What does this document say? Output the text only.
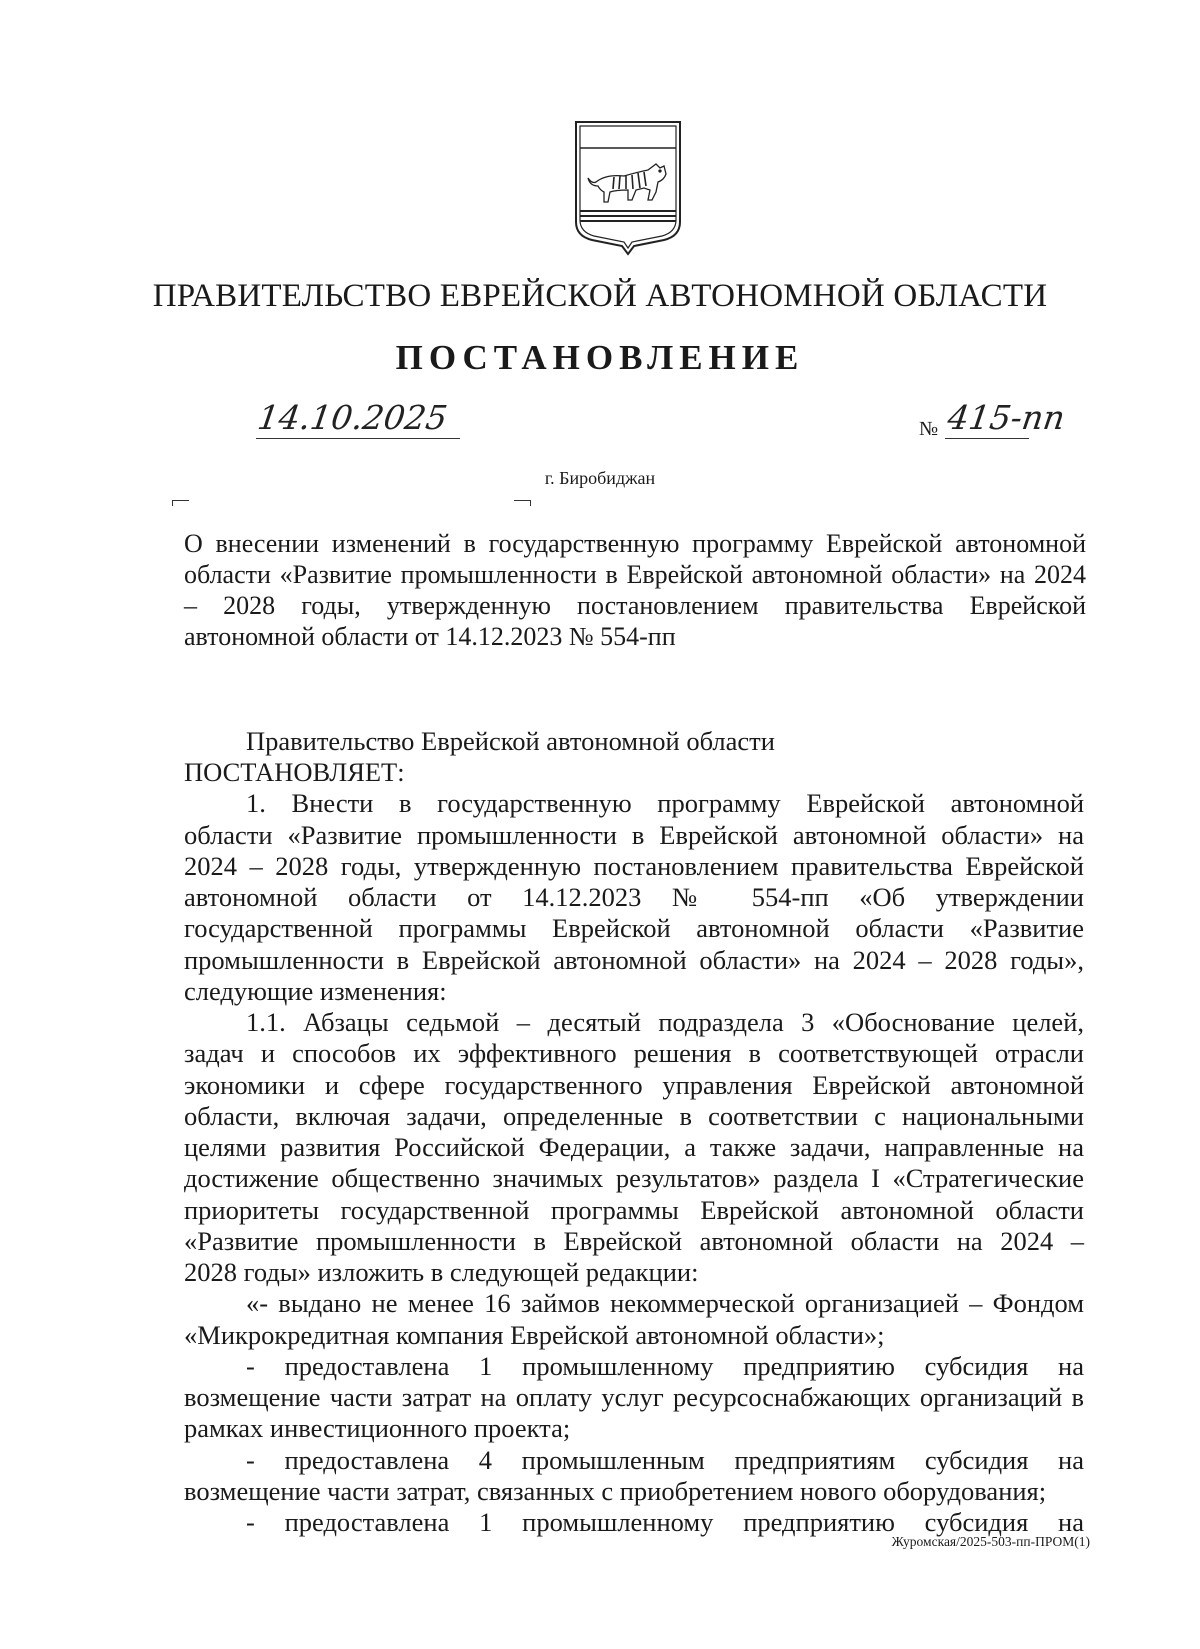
ПРАВИТЕЛЬСТВО ЕВРЕЙСКОЙ АВТОНОМНОЙ ОБЛАСТИ
ПОСТАНОВЛЕНИЕ
14.10.2025	№ 415-пп
г. Биробиджан
О внесении изменений в государственную программу Еврейской автономной области «Развитие промышленности в Еврейской автономной области» на 2024 – 2028 годы, утвержденную постановлением правительства Еврейской автономной области от 14.12.2023 № 554-пп
Правительство Еврейской автономной области
ПОСТАНОВЛЯЕТ:
1. Внести в государственную программу Еврейской автономной
области «Развитие промышленности в Еврейской автономной области» на
2024 – 2028 годы, утвержденную постановлением правительства Еврейской
автономной области от 14.12.2023 № 554-пп «Об утверждении
государственной программы Еврейской автономной области «Развитие
промышленности в Еврейской автономной области» на 2024 – 2028 годы»,
следующие изменения:
1.1. Абзацы седьмой – десятый подраздела 3 «Обоснование целей,
задач и способов их эффективного решения в соответствующей отрасли
экономики и сфере государственного управления Еврейской автономной
области, включая задачи, определенные в соответствии с национальными
целями развития Российской Федерации, а также задачи, направленные на
достижение общественно значимых результатов» раздела I «Стратегические
приоритеты государственной программы Еврейской автономной области
«Развитие промышленности в Еврейской автономной области на 2024 –
2028 годы» изложить в следующей редакции:
«- выдано не менее 16 займов некоммерческой организацией – Фондом
«Микрокредитная компания Еврейской автономной области»;
- предоставлена 1 промышленному предприятию субсидия на
возмещение части затрат на оплату услуг ресурсоснабжающих организаций в
рамках инвестиционного проекта;
- предоставлена 4 промышленным предприятиям субсидия на
возмещение части затрат, связанных с приобретением нового оборудования;
- предоставлена 1 промышленному предприятию субсидия на
Журомская/2025-503-пп-ПРОМ(1)
